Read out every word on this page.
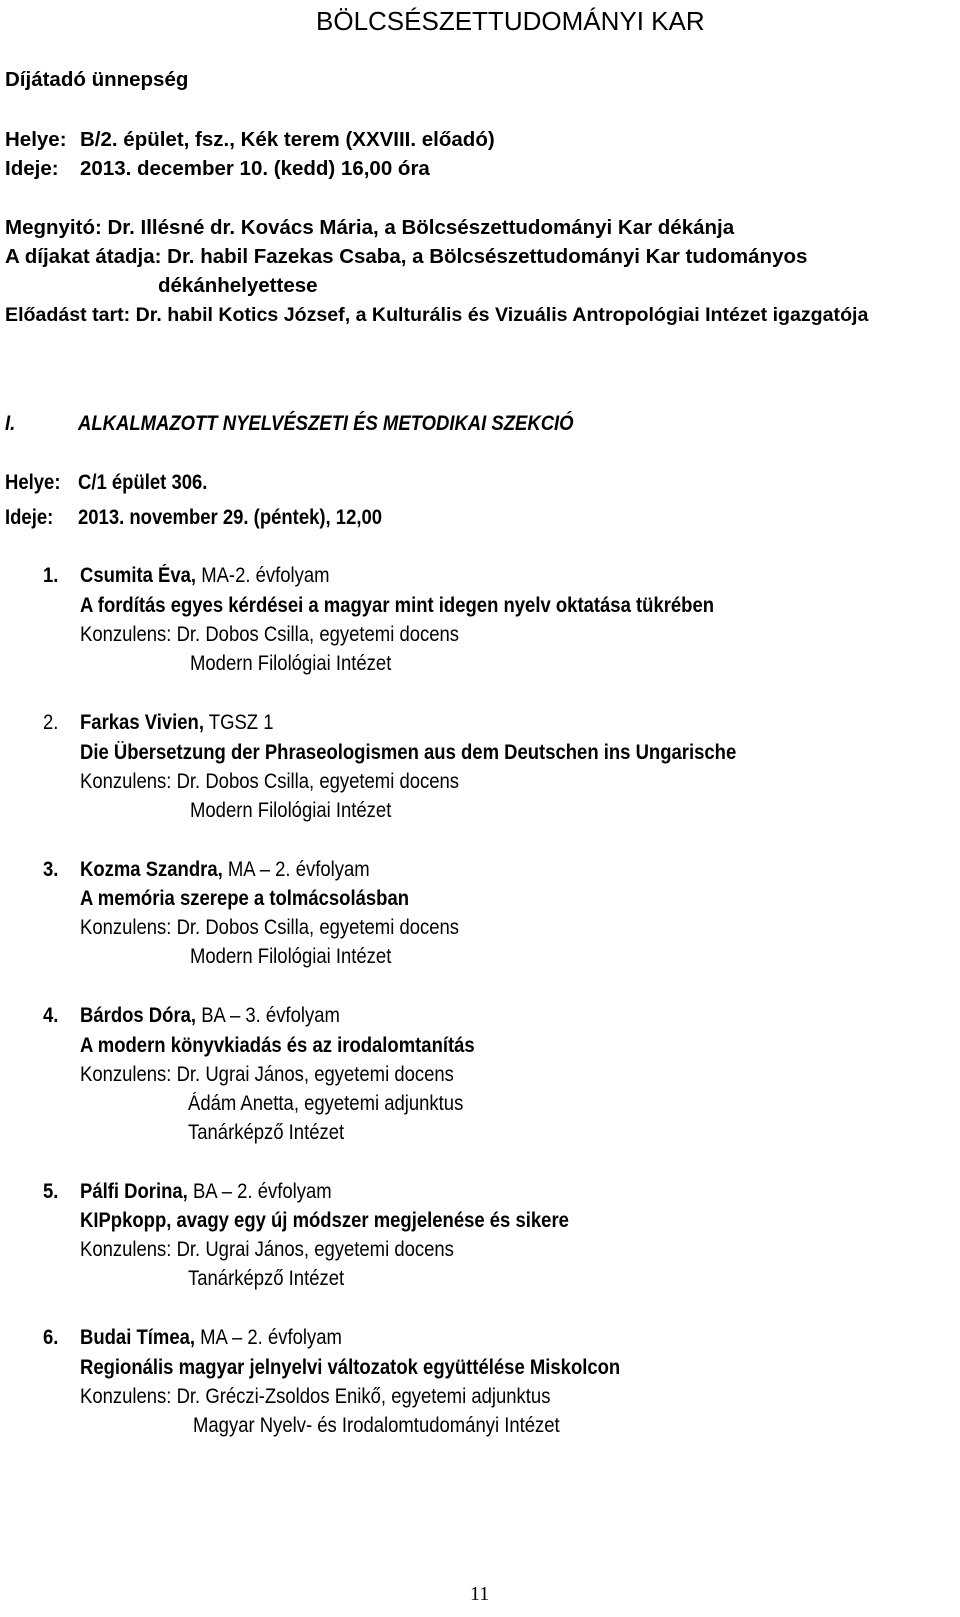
BÖLCSÉSZETTUDOMÁNYI KAR
Díjátadó ünnepség
Helye: B/2. épület, fsz., Kék terem (XXVIII. előadó)
Ideje: 2013. december 10. (kedd) 16,00 óra
Megnyitó: Dr. Illésné dr. Kovács Mária, a Bölcsészettudományi Kar dékánja
A díjakat átadja: Dr. habil Fazekas Csaba, a Bölcsészettudományi Kar tudományos
dékánhelyettese
Előadást tart: Dr. habil Kotics József, a Kulturális és Vizuális Antropológiai Intézet igazgatója
I.	ALKALMAZOTT NYELVÉSZETI ÉS METODIKAI SZEKCIÓ
Helye: C/1 épület 306.
Ideje:	2013. november 29. (péntek), 12,00
1. Csumita Éva, MA-2. évfolyam
A fordítás egyes kérdései a magyar mint idegen nyelv oktatása tükrében
Konzulens: Dr. Dobos Csilla, egyetemi docens
Modern Filológiai Intézet
2. Farkas Vivien, TGSZ 1
Die Übersetzung der Phraseologismen aus dem Deutschen ins Ungarische
Konzulens: Dr. Dobos Csilla, egyetemi docens
Modern Filológiai Intézet
3. Kozma Szandra, MA – 2. évfolyam
A memória szerepe a tolmácsolásban
Konzulens: Dr. Dobos Csilla, egyetemi docens
Modern Filológiai Intézet
4. Bárdos Dóra, BA – 3. évfolyam
A modern könyvkiadás és az irodalomtanítás
Konzulens: Dr. Ugrai János, egyetemi docens
Ádám Anetta, egyetemi adjunktus
Tanárképző Intézet
5. Pálfi Dorina, BA – 2. évfolyam
KIPpkopp, avagy egy új módszer megjelenése és sikere
Konzulens: Dr. Ugrai János, egyetemi docens
Tanárképző Intézet
6. Budai Tímea, MA – 2. évfolyam
Regionális magyar jelnyelvi változatok együttélése Miskolcon
Konzulens: Dr. Gréczi-Zsoldos Enikő, egyetemi adjunktus
Magyar Nyelv- és Irodalomtudományi Intézet
11
